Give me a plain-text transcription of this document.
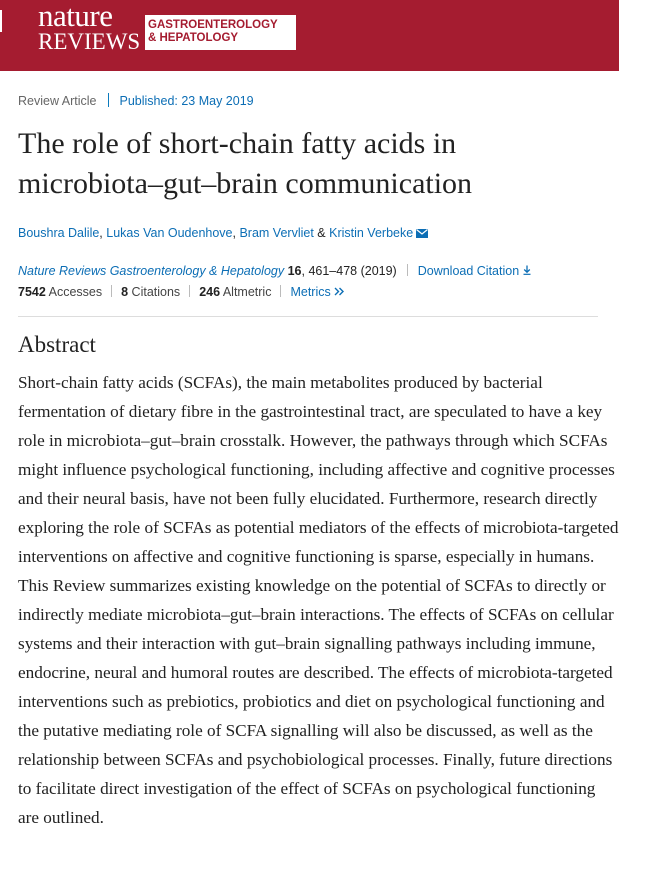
nature
REVIEWS
GASTROENTEROLOGY
& HEPATOLOGY
Review Article Published: 23 May 2019
The role of short-chain fatty acids in microbiota–gut–brain communication
Boushra Dalile, Lukas Van Oudenhove, Bram Vervliet & Kristin Verbeke
Nature Reviews Gastroenterology & Hepatology 16, 461–478 (2019) Download Citation
7542 Accesses 8 Citations 246 Altmetric Metrics
Abstract

Short-chain fatty acids (SCFAs), the main metabolites produced by bacterial fermentation of dietary fibre in the gastrointestinal tract, are speculated to have a key role in microbiota–gut–brain crosstalk. However, the pathways through which SCFAs might influence psychological functioning, including affective and cognitive processes and their neural basis, have not been fully elucidated. Furthermore, research directly exploring the role of SCFAs as potential mediators of the effects of microbiota-targeted interventions on affective and cognitive functioning is sparse, especially in humans. This Review summarizes existing knowledge on the potential of SCFAs to directly or indirectly mediate microbiota–gut–brain interactions. The effects of SCFAs on cellular systems and their interaction with gut–brain signalling pathways including immune, endocrine, neural and humoral routes are described. The effects of microbiota-targeted interventions such as prebiotics, probiotics and diet on psychological functioning and the putative mediating role of SCFA signalling will also be discussed, as well as the relationship between SCFAs and psychobiological processes. Finally, future directions to facilitate direct investigation of the effect of SCFAs on psychological functioning are outlined.
